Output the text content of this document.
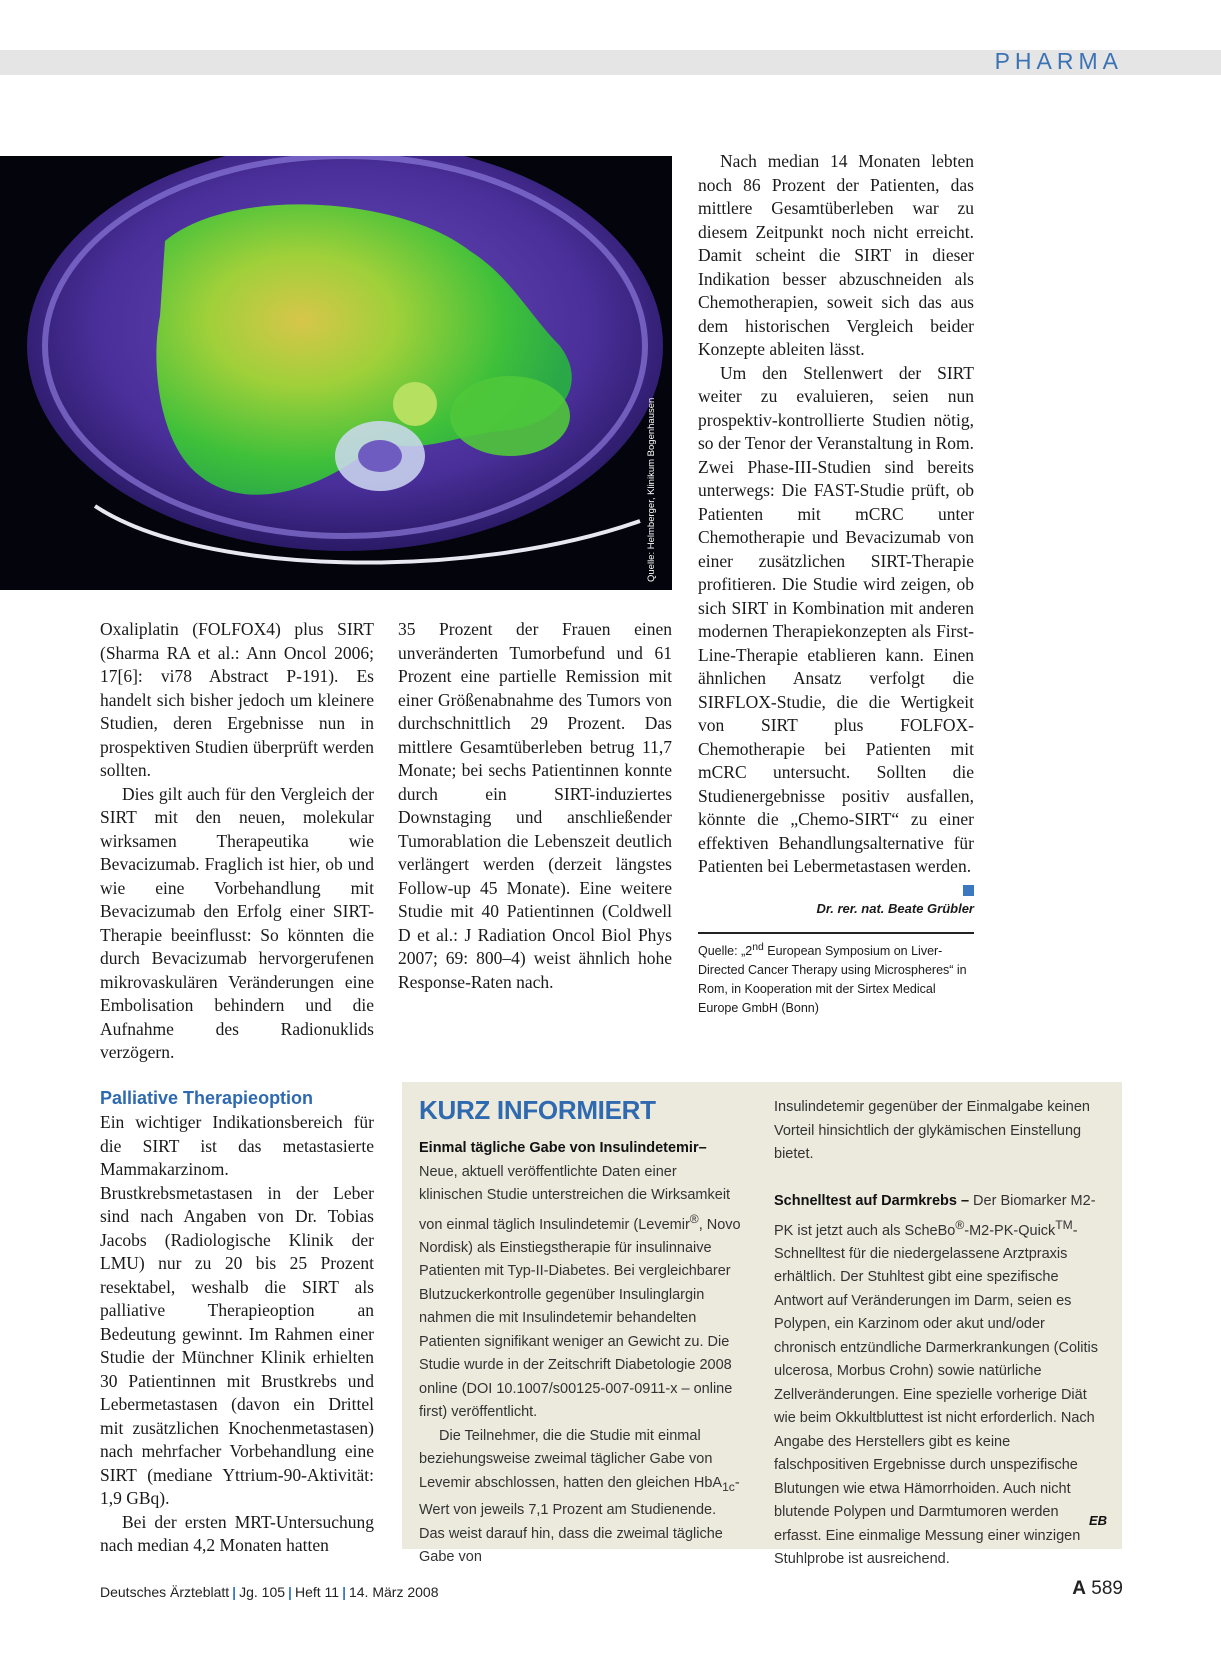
PHARMA
Quelle: Helmberger, Klinikum Bogenhausen

Oxaliplatin (FOLFOX4) plus SIRT (Sharma RA et al.: Ann Oncol 2006; 17[6]: vi78 Abstract P-191). Es handelt sich bisher jedoch um kleinere Studien, deren Ergebnisse nun in prospektiven Studien überprüft werden sollten.

Dies gilt auch für den Vergleich der SIRT mit den neuen, molekular wirksamen Therapeutika wie Bevacizumab. Fraglich ist hier, ob und wie eine Vorbehandlung mit Bevacizumab den Erfolg einer SIRT-Therapie beeinflusst: So könnten die durch Bevacizumab hervorgerufenen mikrovaskulären Veränderungen eine Embolisation behindern und die Aufnahme des Radionuklids verzögern.

Palliative Therapieoption

Ein wichtiger Indikationsbereich für die SIRT ist das metastasierte Mammakarzinom. Brustkrebsmetastasen in der Leber sind nach Angaben von Dr. Tobias Jacobs (Radiologische Klinik der LMU) nur zu 20 bis 25 Prozent resektabel, weshalb die SIRT als palliative Therapieoption an Bedeutung gewinnt. Im Rahmen einer Studie der Münchner Klinik erhielten 30 Patientinnen mit Brustkrebs und Lebermetastasen (davon ein Drittel mit zusätzlichen Knochenmetastasen) nach mehrfacher Vorbehandlung eine SIRT (mediane Yttrium-90-Aktivität: 1,9 GBq).

Bei der ersten MRT-Untersuchung nach median 4,2 Monaten hatten

35 Prozent der Frauen einen unveränderten Tumorbefund und 61 Prozent eine partielle Remission mit einer Größenabnahme des Tumors von durchschnittlich 29 Prozent. Das mittlere Gesamtüberleben betrug 11,7 Monate; bei sechs Patientinnen konnte durch ein SIRT-induziertes Downstaging und anschließender Tumorablation die Lebenszeit deutlich verlängert werden (derzeit längstes Follow-up 45 Monate). Eine weitere Studie mit 40 Patientinnen (Coldwell D et al.: J Radiation Oncol Biol Phys 2007; 69: 800–4) weist ähnlich hohe Response-Raten nach.

Nach median 14 Monaten lebten noch 86 Prozent der Patienten, das mittlere Gesamtüberleben war zu diesem Zeitpunkt noch nicht erreicht. Damit scheint die SIRT in dieser Indikation besser abzuschneiden als Chemotherapien, soweit sich das aus dem historischen Vergleich beider Konzepte ableiten lässt.

Um den Stellenwert der SIRT weiter zu evaluieren, seien nun prospektiv-kontrollierte Studien nötig, so der Tenor der Veranstaltung in Rom. Zwei Phase-III-Studien sind bereits unterwegs: Die FAST-Studie prüft, ob Patienten mit mCRC unter Chemotherapie und Bevacizumab von einer zusätzlichen SIRT-Therapie profitieren. Die Studie wird zeigen, ob sich SIRT in Kombination mit anderen modernen Therapiekonzepten als First-Line-Therapie etablieren kann. Einen ähnlichen Ansatz verfolgt die SIRFLOX-Studie, die die Wertigkeit von SIRT plus FOLFOX-Chemotherapie bei Patienten mit mCRC untersucht. Sollten die Studienergebnisse positiv ausfallen, könnte die „Chemo-SIRT“ zu einer effektiven Behandlungsalternative für Patienten bei Lebermetastasen werden.

Dr. rer. nat. Beate Grübler
Quelle: „2nd European Symposium on Liver-Directed Cancer Therapy using Microspheres“ in Rom, in Kooperation mit der Sirtex Medical Europe GmbH (Bonn)
KURZ INFORMIERT

Einmal tägliche Gabe von Insulindetemir–
Neue, aktuell veröffentlichte Daten einer klinischen Studie unterstreichen die Wirksamkeit von einmal täglich Insulindetemir (Levemir®, Novo Nordisk) als Einstiegstherapie für insulinnaive Patienten mit Typ-II-Diabetes. Bei vergleichbarer Blutzuckerkontrolle gegenüber Insulinglargin nahmen die mit Insulindetemir behandelten Patienten signifikant weniger an Gewicht zu. Die Studie wurde in der Zeitschrift Diabetologie 2008 online (DOI 10.1007/s00125-007-0911-x – online first) veröffentlicht.

Die Teilnehmer, die die Studie mit einmal beziehungsweise zweimal täglicher Gabe von Levemir abschlossen, hatten den gleichen HbA$_{1c}$-Wert von jeweils 7,1 Prozent am Studienende. Das weist darauf hin, dass die zweimal tägliche Gabe von

Insulindetemir gegenüber der Einmalgabe keinen Vorteil hinsichtlich der glykämischen Einstellung bietet.

Schnelltest auf Darmkrebs – Der Biomarker M2-PK ist jetzt auch als ScheBo®-M2-PK-Quick™-Schnelltest für die niedergelassene Arztpraxis erhältlich. Der Stuhltest gibt eine spezifische Antwort auf Veränderungen im Darm, seien es Polypen, ein Karzinom oder akut und/oder chronisch entzündliche Darmerkrankungen (Colitis ulcerosa, Morbus Crohn) sowie natürliche Zellveränderungen. Eine spezielle vorherige Diät wie beim Okkultbluttest ist nicht erforderlich. Nach Angabe des Herstellers gibt es keine falschpositiven Ergebnisse durch unspezifische Blutungen wie etwa Hämorrhoiden. Auch nicht blutende Polypen und Darmtumoren werden erfasst. Eine einmalige Messung einer winzigen Stuhlprobe ist ausreichend.

EB
Deutsches Ärzteblatt | Jg. 105 | Heft 11 | 14. März 2008	A 589
